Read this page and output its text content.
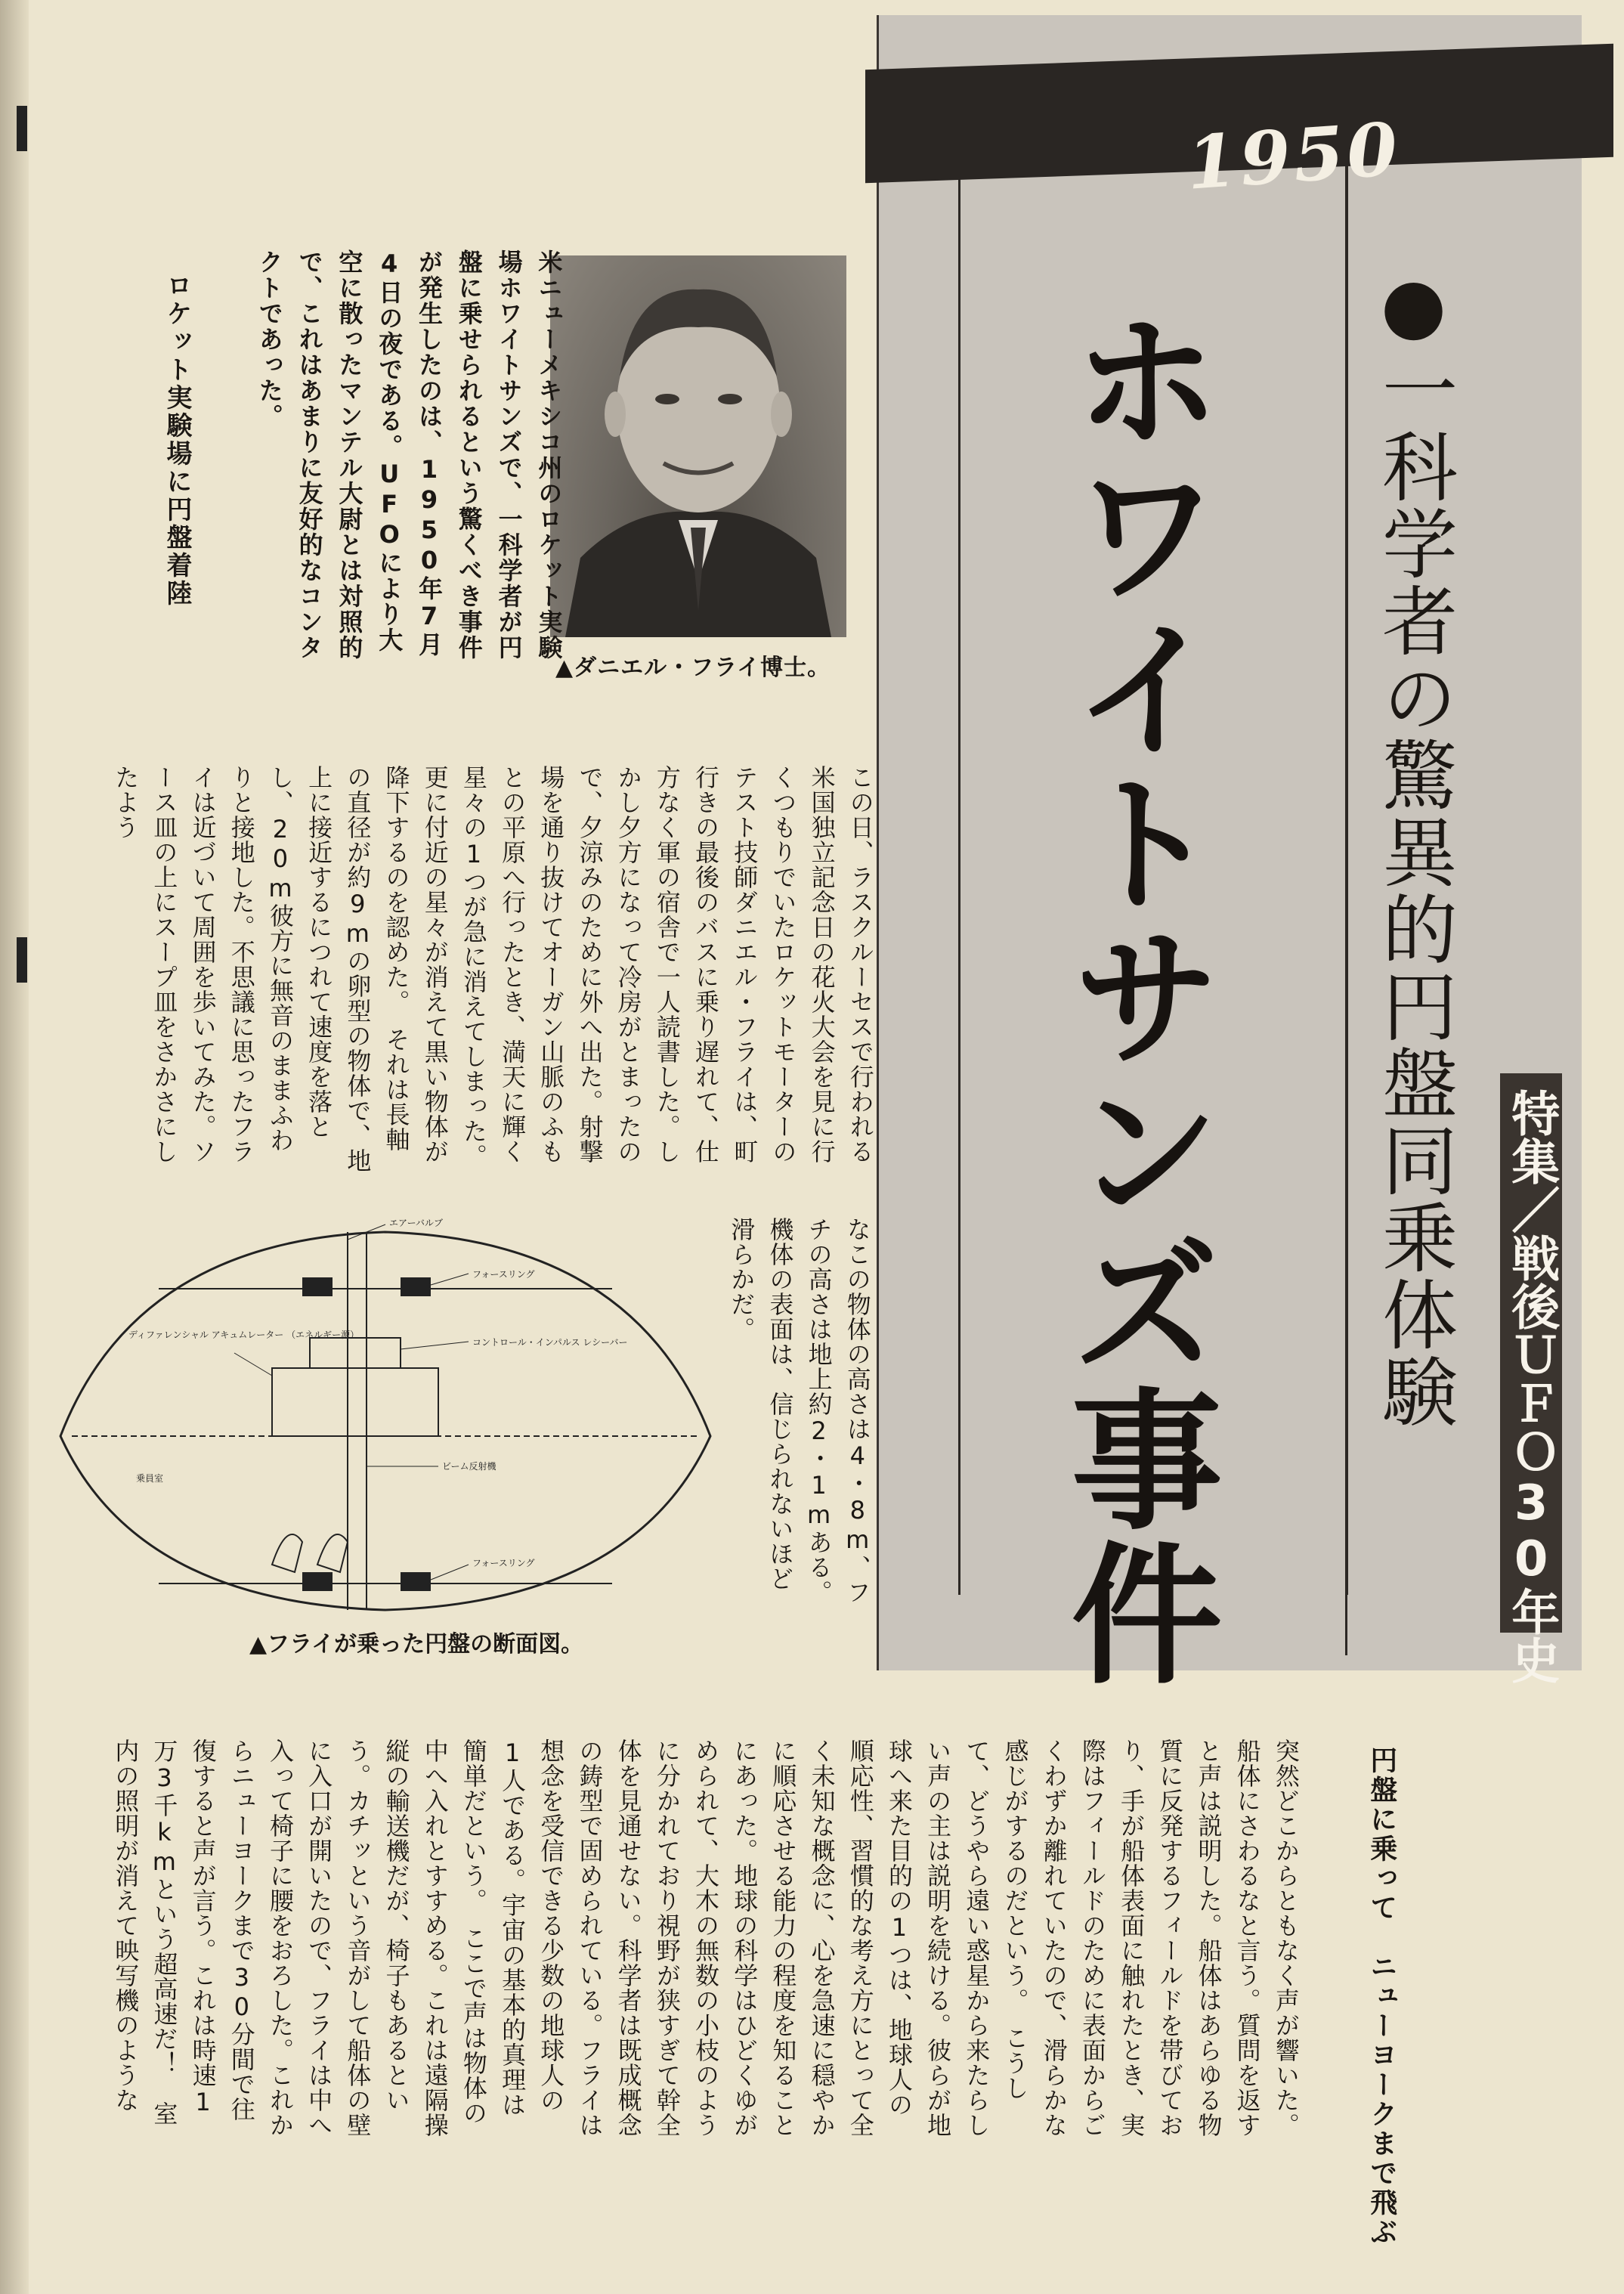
1950
ホワイトサンズ事件 ●一科学者の驚異的円盤同乗体験 特集／戦後ＵＦＯ30年史
▲ダニエル・フライ博士。
米ニューメキシコ州のロケット実験場ホワイトサンズで、一科学者が円盤に乗せられるという驚くべき事件が発生したのは、1950年7月4日の夜である。UFOにより大空に散ったマンテル大尉とは対照的で、これはあまりに友好的なコンタクトであった。
ロケット実験場に円盤着陸
この日、ラスクルーセスで行われる米国独立記念日の花火大会を見に行くつもりでいたロケットモーターのテスト技師ダニエル・フライは、町行きの最後のバスに乗り遅れて、仕方なく軍の宿舎で一人読書した。しかし夕方になって冷房がとまったので、夕涼みのために外へ出た。射撃場を通り抜けてオーガン山脈のふもとの平原へ行ったとき、満天に輝く星々の1つが急に消えてしまった。更に付近の星々が消えて黒い物体が降下するのを認めた。　それは長軸の直径が約9mの卵型の物体で、地上に接近するにつれて速度を落とし、20m彼方に無音のままふわりと接地した。不思議に思ったフライは近づいて周囲を歩いてみた。ソース皿の上にスープ皿をさかさにしたよう
なこの物体の高さは4・8m、フチの高さは地上約2・1mある。機体の表面は、信じられないほど滑らかだ。
円盤に乗って　ニューヨークまで飛ぶ
突然どこからともなく声が響いた。船体にさわるなと言う。質問を返すと声は説明した。船体はあらゆる物質に反発するフィールドを帯びており、手が船体表面に触れたとき、実際はフィールドのために表面からごくわずか離れていたので、滑らかな感じがするのだという。　こうして、どうやら遠い惑星から来たらしい声の主は説明を続ける。彼らが地球へ来た目的の1つは、地球人の順応性、習慣的な考え方にとって全く未知な概念に、心を急速に穏やかに順応させる能力の程度を知ることにあった。地球の科学はひどくゆがめられて、大木の無数の小枝のように分かれており視野が狭すぎて幹全体を見通せない。科学者は既成概念の鋳型で固められている。フライは想念を受信できる少数の地球人の1人である。宇宙の基本的真理は簡単だという。　ここで声は物体の中へ入れとすすめる。これは遠隔操縦の輸送機だが、椅子もあるという。カチッという音がして船体の壁に入口が開いたので、フライは中へ入って椅子に腰をおろした。これからニューヨークまで30分間で往復すると声が言う。これは時速1万3千kmという超高速だ！　室内の照明が消えて映写機のような
エアーバルブ
フォースリング
ディファレンシャル アキュムレーター （エネルギー源）
コントロール・インパルス レシーバー
ビーム反射機
乗員室
フォースリング
▲フライが乗った円盤の断面図。
